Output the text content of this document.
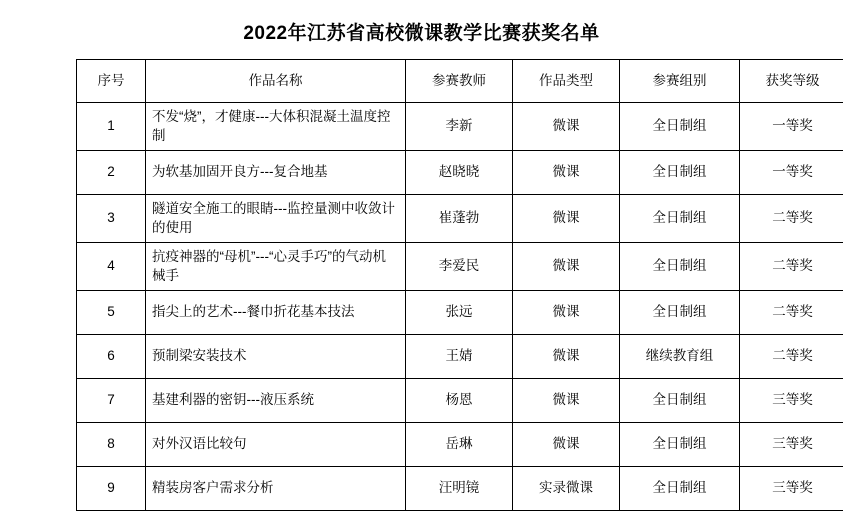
2022年江苏省高校微课教学比赛获奖名单
序号	作品名称	参赛教师	作品类型	参赛组别	获奖等级
1	不发“烧”，才健康---大体积混凝土温度控制	李新	微课	全日制组	一等奖
2	为软基加固开良方---复合地基	赵晓晓	微课	全日制组	一等奖
3	隧道安全施工的眼睛---监控量测中收敛计的使用	崔蓬勃	微课	全日制组	二等奖
4	抗疫神器的“母机”---“心灵手巧”的气动机械手	李爱民	微课	全日制组	二等奖
5	指尖上的艺术---餐巾折花基本技法	张远	微课	全日制组	二等奖
6	预制梁安装技术	王婧	微课	继续教育组	二等奖
7	基建利器的密钥---液压系统	杨恩	微课	全日制组	三等奖
8	对外汉语比较句	岳琳	微课	全日制组	三等奖
9	精装房客户需求分析	汪明镜	实录微课	全日制组	三等奖
